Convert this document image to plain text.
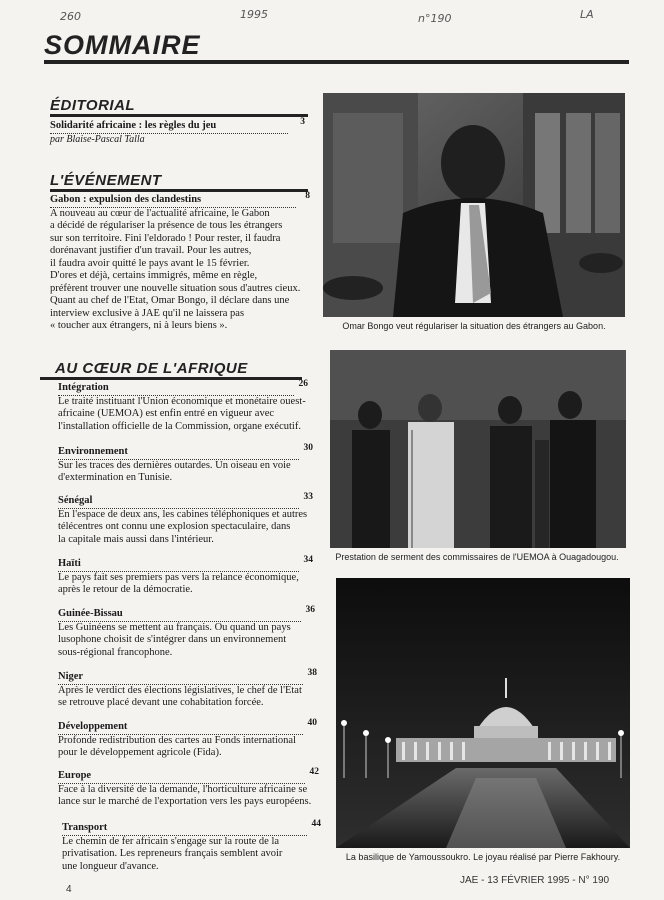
260	1995	n°190	LA
SOMMAIRE
ÉDITORIAL
Solidarité africaine : les règles du jeu	3
par Blaise-Pascal Talla
L'ÉVÉNEMENT
Gabon : expulsion des clandestins	8
A nouveau au cœur de l'actualité africaine, le Gabon
a décidé de régulariser la présence de tous les étrangers
sur son territoire. Fini l'eldorado ! Pour rester, il faudra
dorénavant justifier d'un travail. Pour les autres,
il faudra avoir quitté le pays avant le 15 février.
D'ores et déjà, certains immigrés, même en règle,
préfèrent trouver une nouvelle situation sous d'autres cieux.
Quant au chef de l'Etat, Omar Bongo, il déclare dans une
interview exclusive à JAE qu'il ne laissera pas
« toucher aux étrangers, ni à leurs biens ».
AU CŒUR DE L'AFRIQUE
Intégration	26
Le traité instituant l'Union économique et monétaire ouest-
africaine (UEMOA) est enfin entré en vigueur avec
l'installation officielle de la Commission, organe exécutif.
Environnement	30
Sur les traces des dernières outardes. Un oiseau en voie
d'extermination en Tunisie.
Sénégal	33
En l'espace de deux ans, les cabines téléphoniques et autres
télécentres ont connu une explosion spectaculaire, dans
la capitale mais aussi dans l'intérieur.
Haïti	34
Le pays fait ses premiers pas vers la relance économique,
après le retour de la démocratie.
Guinée-Bissau	36
Les Guinéens se mettent au français. Ou quand un pays
lusophone choisit de s'intégrer dans un environnement
sous-régional francophone.
Niger	38
Après le verdict des élections législatives, le chef de l'Etat
se retrouve placé devant une cohabitation forcée.
Développement	40
Profonde redistribution des cartes au Fonds international
pour le développement agricole (Fida).
Europe	42
Face à la diversité de la demande, l'horticulture africaine se
lance sur le marché de l'exportation vers les pays européens.
Transport	44
Le chemin de fer africain s'engage sur la route de la
privatisation. Les repreneurs français semblent avoir
une longueur d'avance.
Omar Bongo veut régulariser la situation des étrangers au Gabon.
Prestation de serment des commissaires de l'UEMOA à Ouagadougou.
La basilique de Yamoussoukro. Le joyau réalisé par Pierre Fakhoury.
4
JAE - 13 FÉVRIER 1995 - N° 190
